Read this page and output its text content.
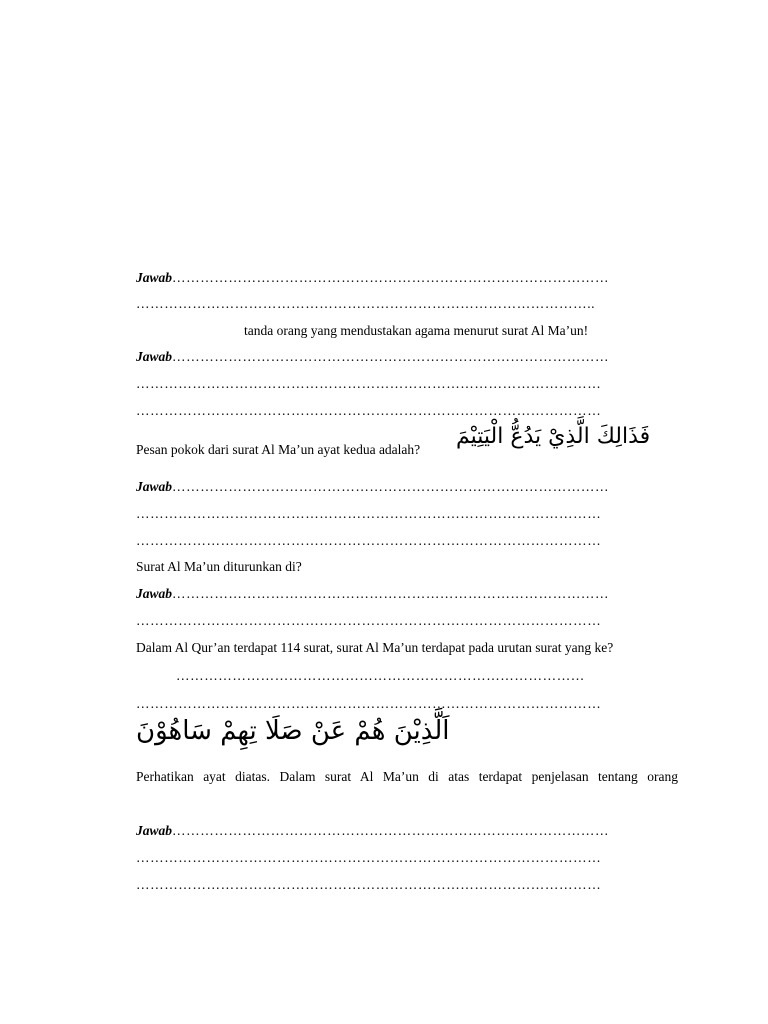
Jawab…………………………………………………………………………………
……………………………………………………………………………………..
tanda orang yang mendustakan agama menurut surat Al Ma’un!
Jawab…………………………………………………………………………………
………………………………………………………………………………………
………………………………………………………………………………………
Pesan pokok dari surat Al Ma’un ayat kedua adalah?
فَذَالِكَ الَّذِيْ يَدُعُّ الْيَتِيْمَ
Jawab…………………………………………………………………………………
………………………………………………………………………………………
………………………………………………………………………………………
Surat Al Ma’un diturunkan di?
Jawab…………………………………………………………………………………
………………………………………………………………………………………
Dalam Al Qur’an terdapat 114 surat, surat Al Ma’un terdapat pada urutan surat yang ke?
……………………………………………………………………………
………………………………………………………………………………………
اَلَّذِيْنَ هُمْ عَنْ صَلَا تِهِمْ سَاهُوْنَ
Perhatikan ayat diatas. Dalam surat Al Ma’un di atas terdapat penjelasan tentang orang
Jawab…………………………………………………………………………………
………………………………………………………………………………………
………………………………………………………………………………………
